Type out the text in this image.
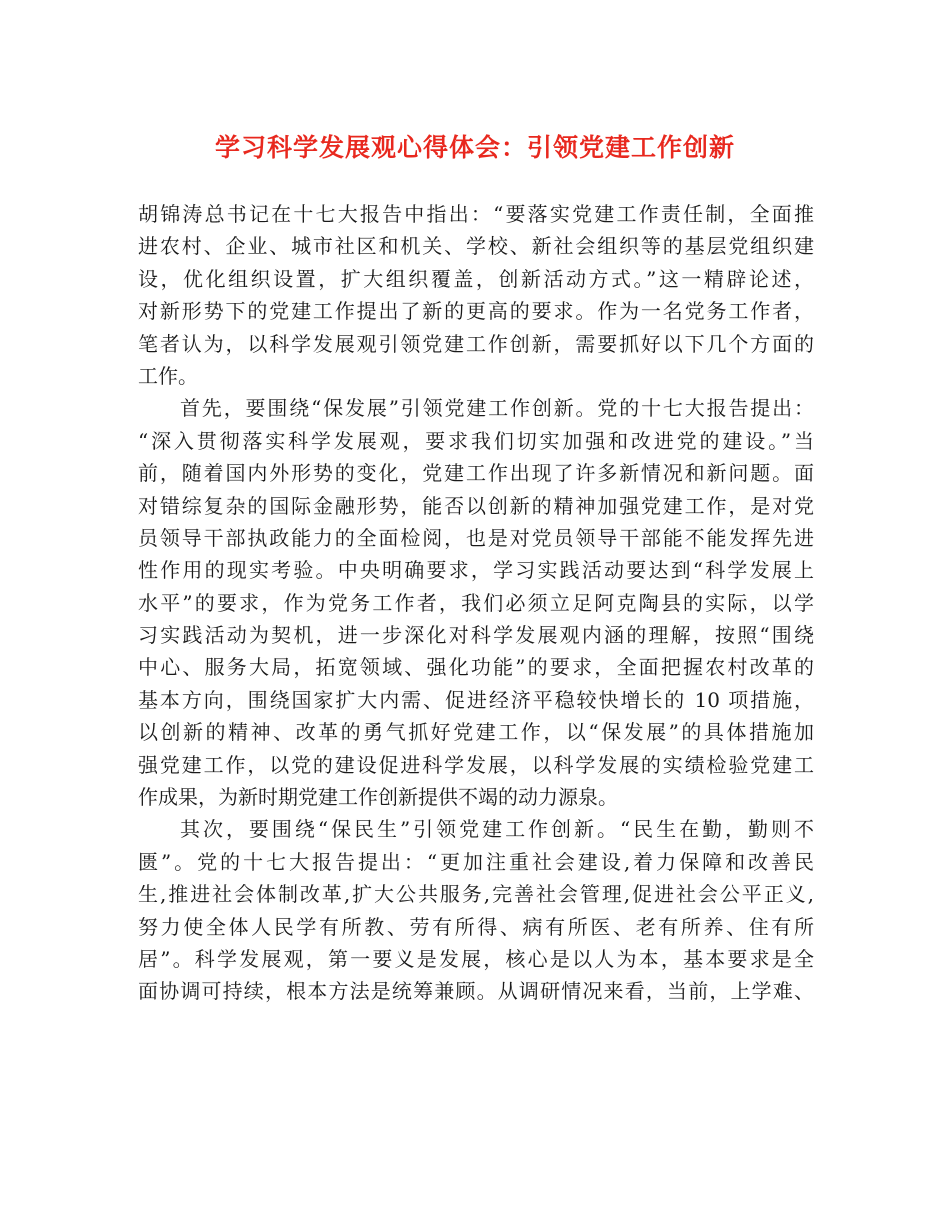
学习科学发展观心得体会：引领党建工作创新
胡锦涛总书记在十七大报告中指出：“要落实党建工作责任制，全面推
进农村、企业、城市社区和机关、学校、新社会组织等的基层党组织建
设，优化组织设置，扩大组织覆盖，创新活动方式。”这一精辟论述，
对新形势下的党建工作提出了新的更高的要求。作为一名党务工作者，
笔者认为，以科学发展观引领党建工作创新，需要抓好以下几个方面的
工作。
首先，要围绕“保发展”引领党建工作创新。党的十七大报告提出：
“深入贯彻落实科学发展观，要求我们切实加强和改进党的建设。”当
前，随着国内外形势的变化，党建工作出现了许多新情况和新问题。面
对错综复杂的国际金融形势，能否以创新的精神加强党建工作，是对党
员领导干部执政能力的全面检阅，也是对党员领导干部能不能发挥先进
性作用的现实考验。中央明确要求，学习实践活动要达到“科学发展上
水平”的要求，作为党务工作者，我们必须立足阿克陶县的实际，以学
习实践活动为契机，进一步深化对科学发展观内涵的理解，按照“围绕
中心、服务大局，拓宽领域、强化功能”的要求，全面把握农村改革的
基本方向，围绕国家扩大内需、促进经济平稳较快增长的 10 项措施，
以创新的精神、改革的勇气抓好党建工作，以“保发展”的具体措施加
强党建工作，以党的建设促进科学发展，以科学发展的实绩检验党建工
作成果，为新时期党建工作创新提供不竭的动力源泉。
其次，要围绕“保民生”引领党建工作创新。“民生在勤，勤则不
匮”。党的十七大报告提出：“更加注重社会建设,着力保障和改善民
生,推进社会体制改革,扩大公共服务,完善社会管理,促进社会公平正义,
努力使全体人民学有所教、劳有所得、病有所医、老有所养、住有所
居”。科学发展观，第一要义是发展，核心是以人为本，基本要求是全
面协调可持续，根本方法是统筹兼顾。从调研情况来看，当前，上学难、
